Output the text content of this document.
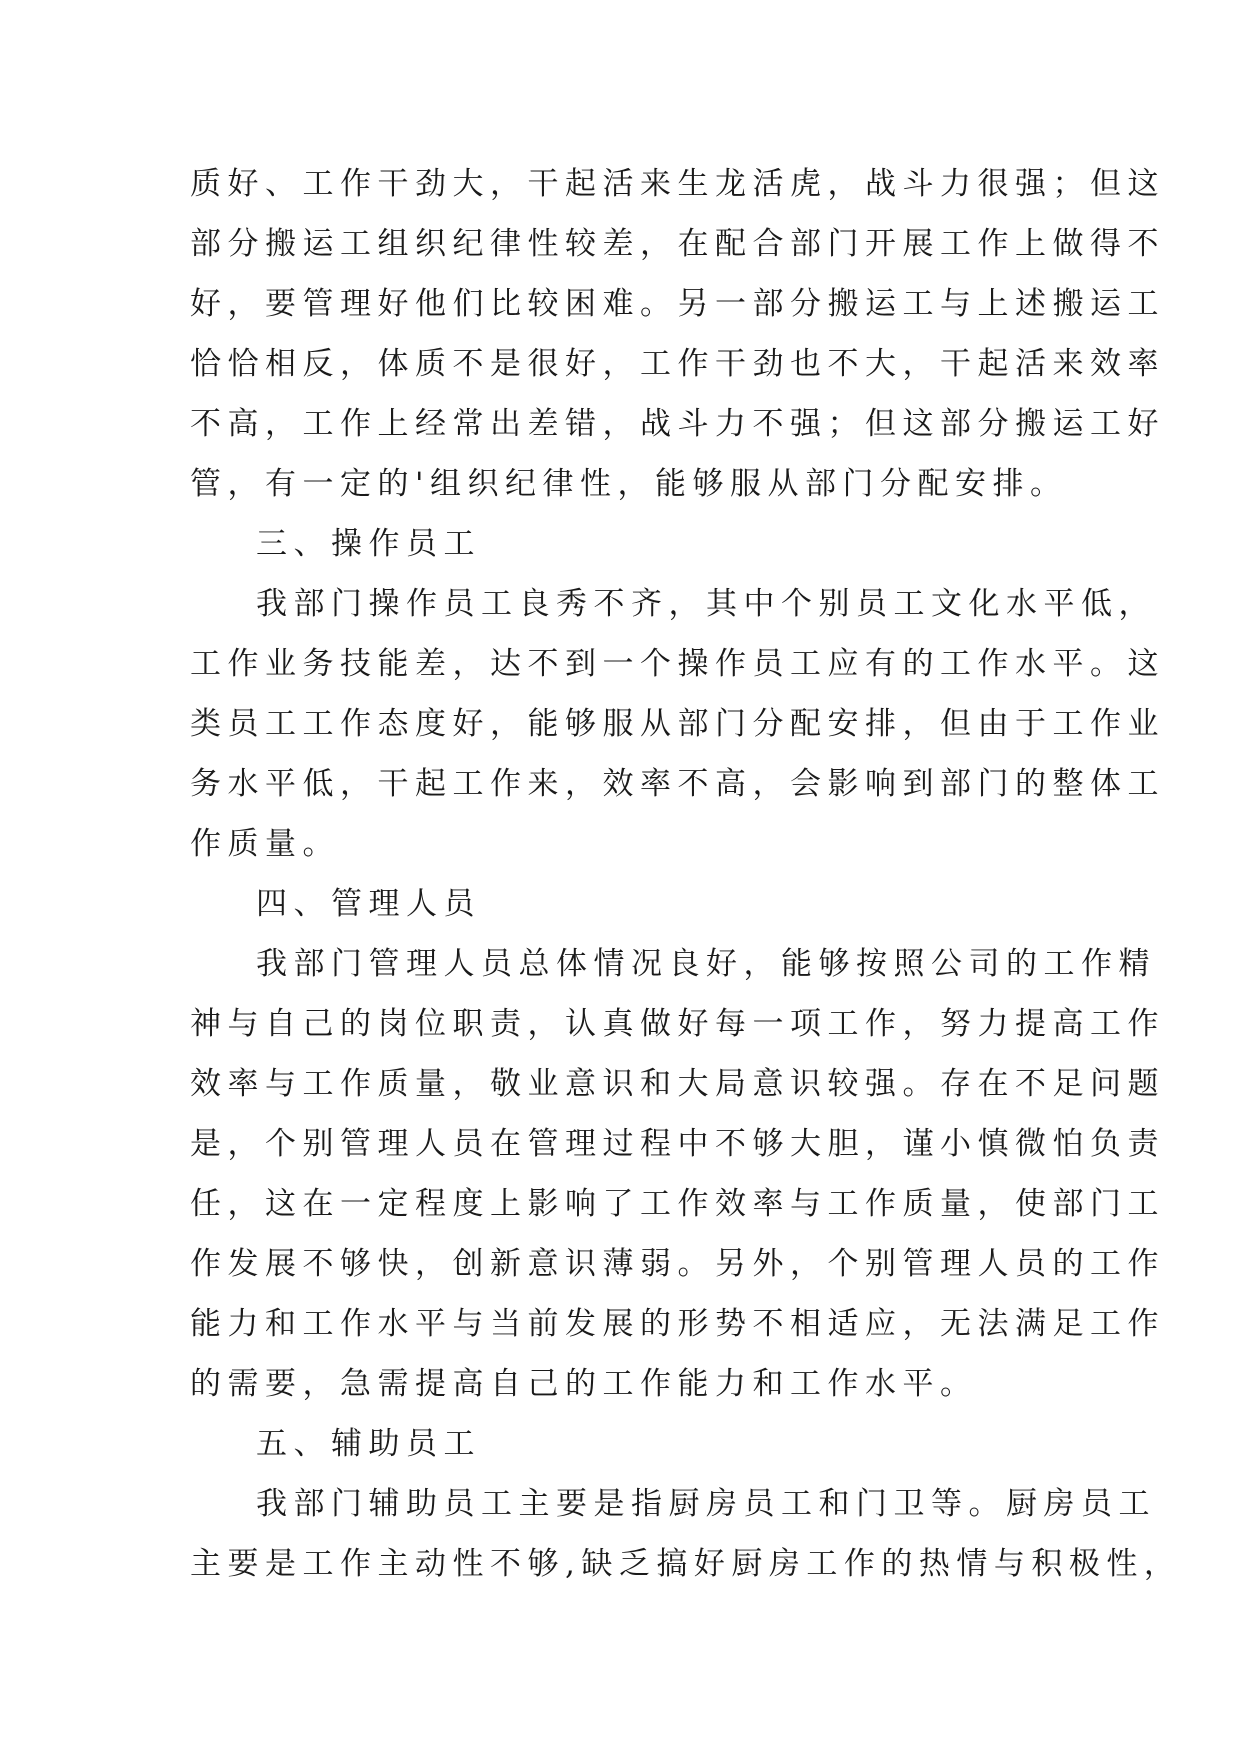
质好、工作干劲大，干起活来生龙活虎，战斗力很强；但这
部分搬运工组织纪律性较差，在配合部门开展工作上做得不
好，要管理好他们比较困难。另一部分搬运工与上述搬运工
恰恰相反，体质不是很好，工作干劲也不大，干起活来效率
不高，工作上经常出差错，战斗力不强；但这部分搬运工好
管，有一定的'组织纪律性，能够服从部门分配安排。
三、操作员工
我部门操作员工良秀不齐，其中个别员工文化水平低，
工作业务技能差，达不到一个操作员工应有的工作水平。这
类员工工作态度好，能够服从部门分配安排，但由于工作业
务水平低，干起工作来，效率不高，会影响到部门的整体工
作质量。
四、管理人员
我部门管理人员总体情况良好，能够按照公司的工作精
神与自己的岗位职责，认真做好每一项工作，努力提高工作
效率与工作质量，敬业意识和大局意识较强。存在不足问题
是，个别管理人员在管理过程中不够大胆，谨小慎微怕负责
任，这在一定程度上影响了工作效率与工作质量，使部门工
作发展不够快，创新意识薄弱。另外，个别管理人员的工作
能力和工作水平与当前发展的形势不相适应，无法满足工作
的需要，急需提高自己的工作能力和工作水平。
五、辅助员工
我部门辅助员工主要是指厨房员工和门卫等。厨房员工
主要是工作主动性不够,缺乏搞好厨房工作的热情与积极性，
